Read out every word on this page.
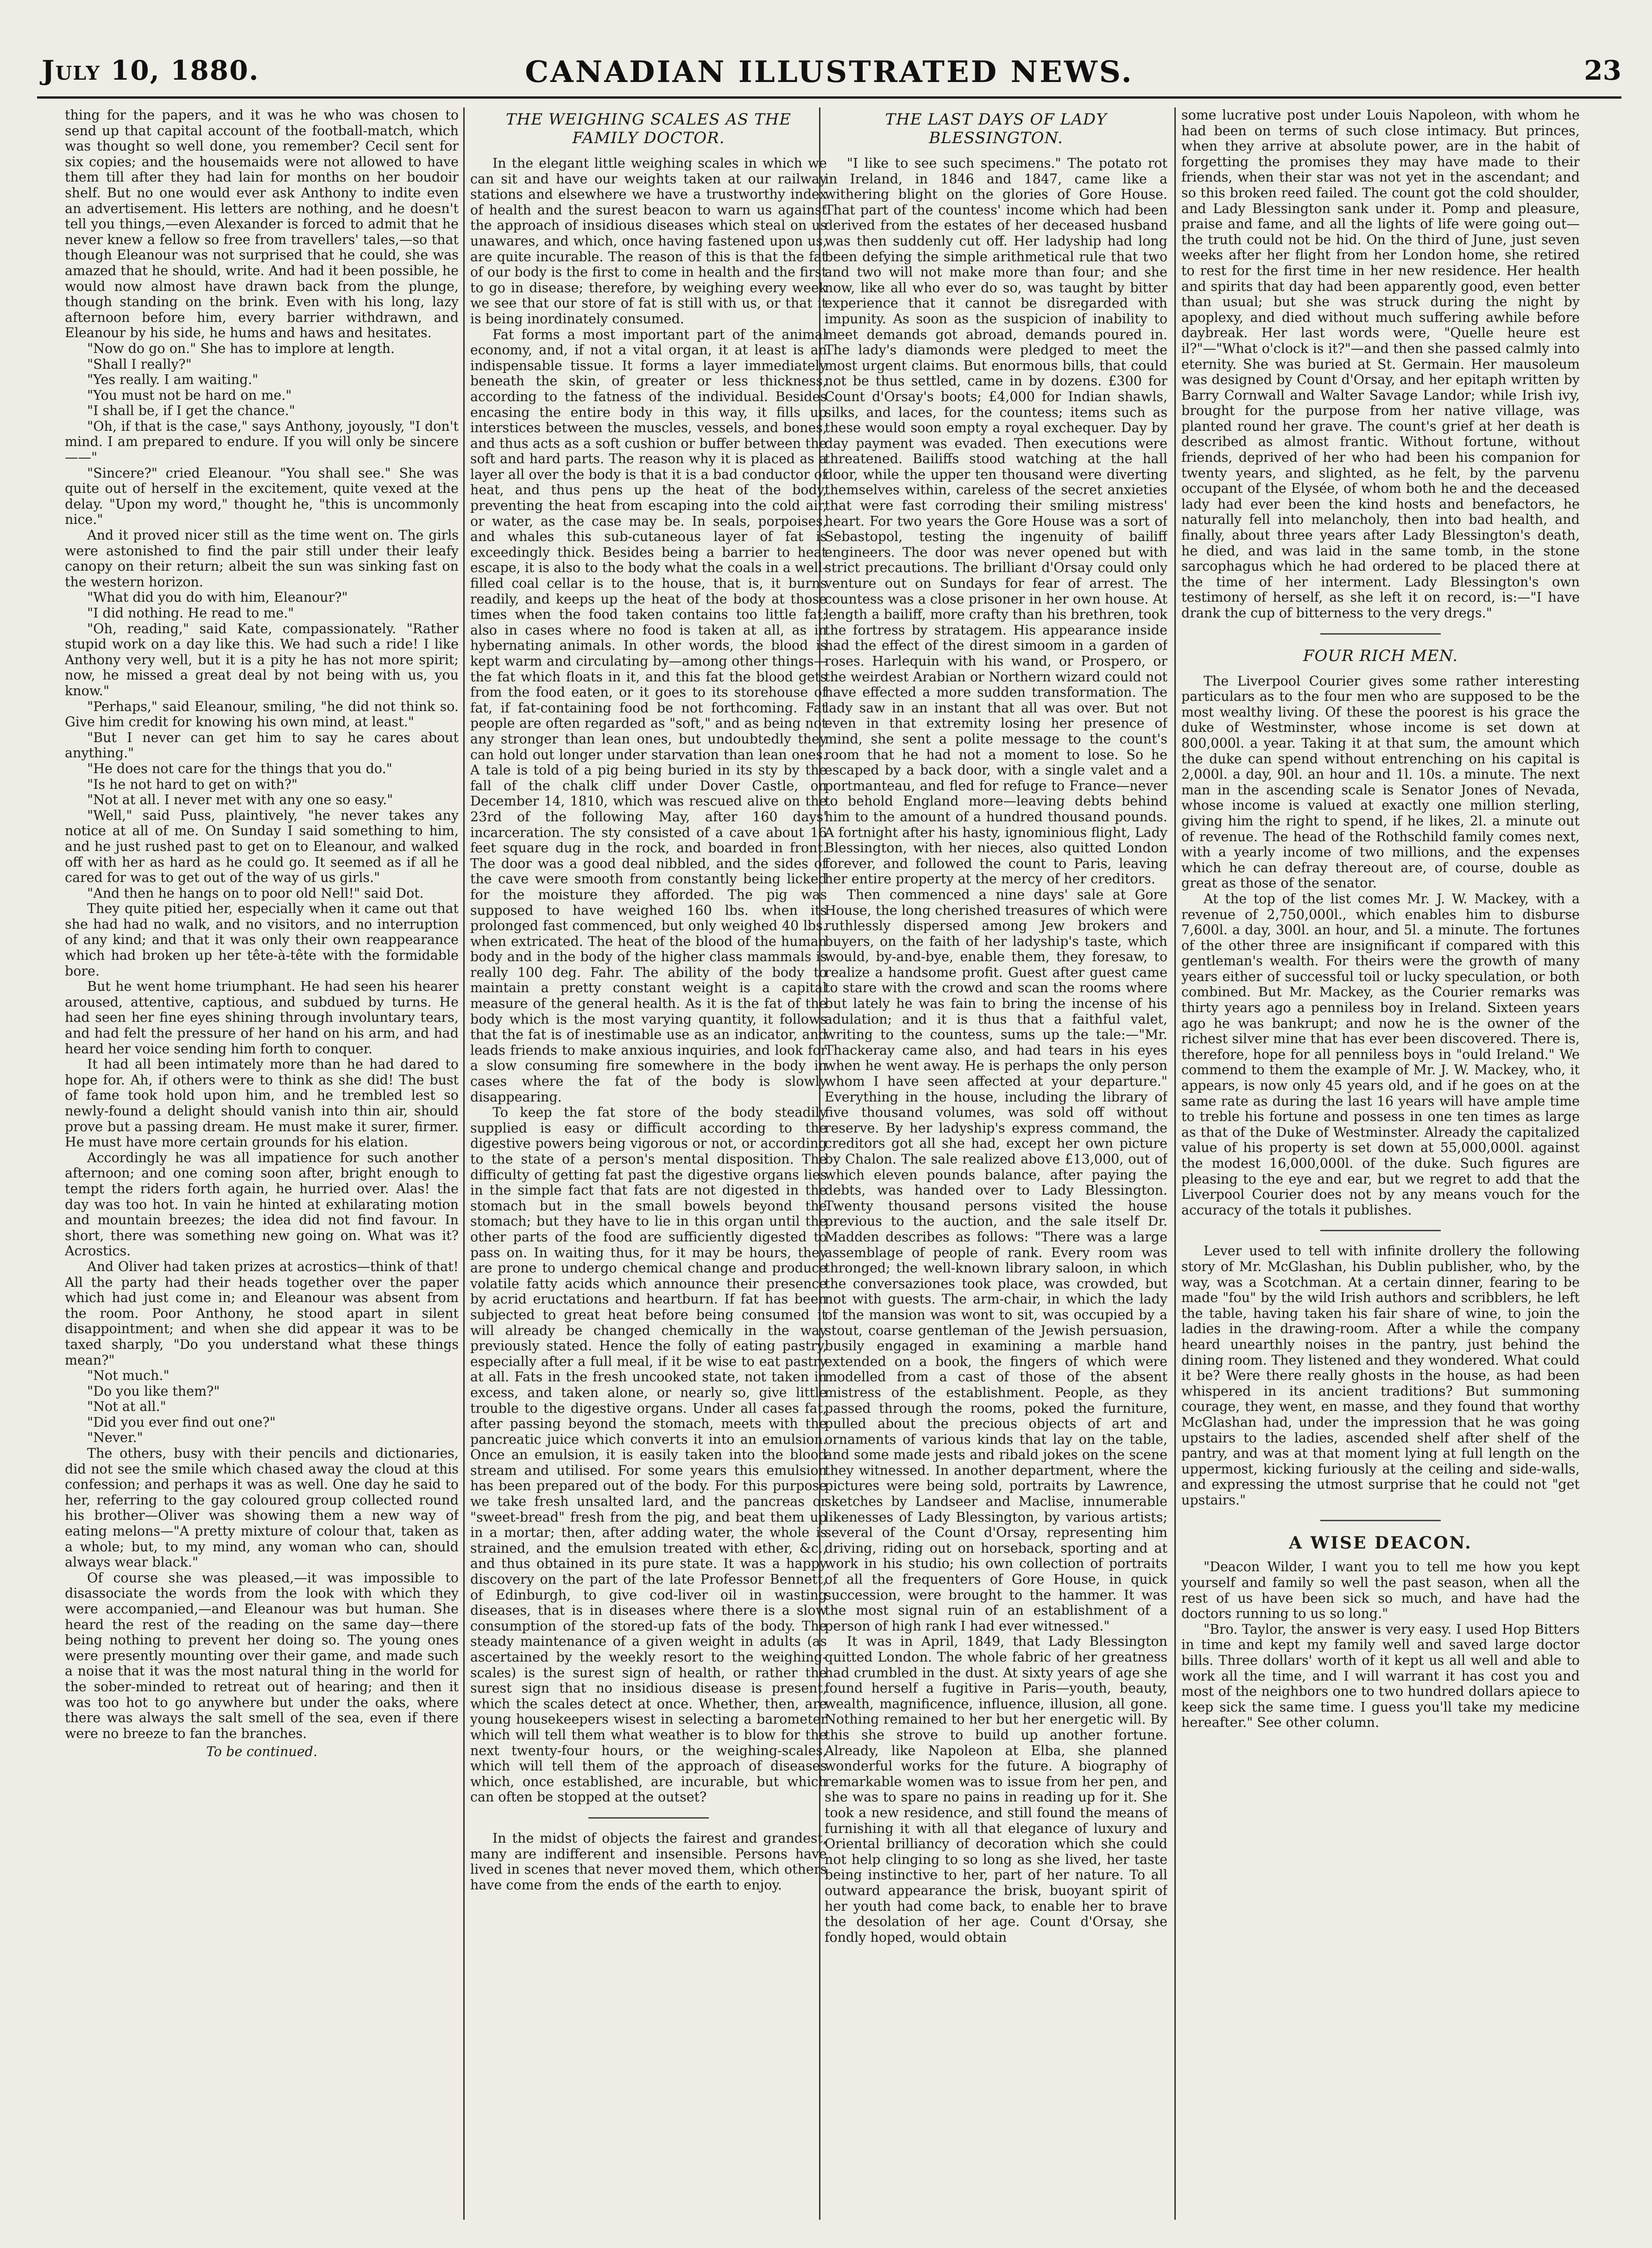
July 10, 1880.	CANADIAN ILLUSTRATED NEWS.	23

thing for the papers, and it was he who was chosen to send up that capital account of the football-match, which was thought so well done, you remember? Cecil sent for six copies; and the housemaids were not allowed to have them till after they had lain for months on her boudoir shelf. But no one would ever ask Anthony to indite even an advertisement. His letters are nothing, and he doesn't tell you things,—even Alexander is forced to admit that he never knew a fellow so free from travellers' tales,—so that though Eleanour was not surprised that he could, she was amazed that he should, write. And had it been possible, he would now almost have drawn back from the plunge, though standing on the brink. Even with his long, lazy afternoon before him, every barrier withdrawn, and Eleanour by his side, he hums and haws and hesitates.

"Now do go on." She has to implore at length.

"Shall I really?"

"Yes really. I am waiting."

"You must not be hard on me."

"I shall be, if I get the chance."

"Oh, if that is the case," says Anthony, joyously, "I don't mind. I am prepared to endure. If you will only be sincere——"

"Sincere?" cried Eleanour. "You shall see." She was quite out of herself in the excitement, quite vexed at the delay. "Upon my word," thought he, "this is uncommonly nice."

And it proved nicer still as the time went on. The girls were astonished to find the pair still under their leafy canopy on their return; albeit the sun was sinking fast on the western horizon.

"What did you do with him, Eleanour?"

"I did nothing. He read to me."

"Oh, reading," said Kate, compassionately. "Rather stupid work on a day like this. We had such a ride! I like Anthony very well, but it is a pity he has not more spirit; now, he missed a great deal by not being with us, you know."

"Perhaps," said Eleanour, smiling, "he did not think so. Give him credit for knowing his own mind, at least."

"But I never can get him to say he cares about anything."

"He does not care for the things that you do."

"Is he not hard to get on with?"

"Not at all. I never met with any one so easy."

"Well," said Puss, plaintively, "he never takes any notice at all of me. On Sunday I said something to him, and he just rushed past to get on to Eleanour, and walked off with her as hard as he could go. It seemed as if all he cared for was to get out of the way of us girls."

"And then he hangs on to poor old Nell!" said Dot.

They quite pitied her, especially when it came out that she had had no walk, and no visitors, and no interruption of any kind; and that it was only their own reappearance which had broken up her tête-à-tête with the formidable bore.

But he went home triumphant. He had seen his hearer aroused, attentive, captious, and subdued by turns. He had seen her fine eyes shining through involuntary tears, and had felt the pressure of her hand on his arm, and had heard her voice sending him forth to conquer.

It had all been intimately more than he had dared to hope for. Ah, if others were to think as she did! The bust of fame took hold upon him, and he trembled lest so newly-found a delight should vanish into thin air, should prove but a passing dream. He must make it surer, firmer. He must have more certain grounds for his elation.

Accordingly he was all impatience for such another afternoon; and one coming soon after, bright enough to tempt the riders forth again, he hurried over. Alas! the day was too hot. In vain he hinted at exhilarating motion and mountain breezes; the idea did not find favour. In short, there was something new going on. What was it? Acrostics.

And Oliver had taken prizes at acrostics—think of that! All the party had their heads together over the paper which had just come in; and Eleanour was absent from the room. Poor Anthony, he stood apart in silent disappointment; and when she did appear it was to be taxed sharply, "Do you understand what these things mean?"

"Not much."

"Do you like them?"

"Not at all."

"Did you ever find out one?"

"Never."

The others, busy with their pencils and dictionaries, did not see the smile which chased away the cloud at this confession; and perhaps it was as well. One day he said to her, referring to the gay coloured group collected round his brother—Oliver was showing them a new way of eating melons—"A pretty mixture of colour that, taken as a whole; but, to my mind, any woman who can, should always wear black."

Of course she was pleased,—it was impossible to disassociate the words from the look with which they were accompanied,—and Eleanour was but human. She heard the rest of the reading on the same day—there being nothing to prevent her doing so. The young ones were presently mounting over their game, and made such a noise that it was the most natural thing in the world for the sober-minded to retreat out of hearing; and then it was too hot to go anywhere but under the oaks, where there was always the salt smell of the sea, even if there were no breeze to fan the branches.

To be continued.
THE WEIGHING SCALES AS THE FAMILY DOCTOR.

In the elegant little weighing scales in which we can sit and have our weights taken at our railway stations and elsewhere we have a trustworthy index of health and the surest beacon to warn us against the approach of insidious diseases which steal on us unawares, and which, once having fastened upon us, are quite incurable. The reason of this is that the fat of our body is the first to come in health and the first to go in disease; therefore, by weighing every week we see that our store of fat is still with us, or that it is being inordinately consumed.

Fat forms a most important part of the animal economy, and, if not a vital organ, it at least is an indispensable tissue. It forms a layer immediately beneath the skin, of greater or less thickness, according to the fatness of the individual. Besides encasing the entire body in this way, it fills up interstices between the muscles, vessels, and bones, and thus acts as a soft cushion or buffer between the soft and hard parts. The reason why it is placed as a layer all over the body is that it is a bad conductor of heat, and thus pens up the heat of the body, preventing the heat from escaping into the cold air, or water, as the case may be. In seals, porpoises, and whales this sub-cutaneous layer of fat is exceedingly thick. Besides being a barrier to heat escape, it is also to the body what the coals in a well-filled coal cellar is to the house, that is, it burns readily, and keeps up the heat of the body at those times when the food taken contains too little fat; also in cases where no food is taken at all, as in hybernating animals. In other words, the blood is kept warm and circulating by—among other things—the fat which floats in it, and this fat the blood gets from the food eaten, or it goes to its storehouse of fat, if fat-containing food be not forthcoming. Fat people are often regarded as "soft," and as being not any stronger than lean ones, but undoubtedly they can hold out longer under starvation than lean ones. A tale is told of a pig being buried in its sty by the fall of the chalk cliff under Dover Castle, on December 14, 1810, which was rescued alive on the 23rd of the following May, after 160 days' incarceration. The sty consisted of a cave about 16 feet square dug in the rock, and boarded in front. The door was a good deal nibbled, and the sides of the cave were smooth from constantly being licked for the moisture they afforded. The pig was supposed to have weighed 160 lbs. when its prolonged fast commenced, but only weighed 40 lbs. when extricated. The heat of the blood of the human body and in the body of the higher class mammals is really 100 deg. Fahr. The ability of the body to maintain a pretty constant weight is a capital measure of the general health. As it is the fat of the body which is the most varying quantity, it follows that the fat is of inestimable use as an indicator, and leads friends to make anxious inquiries, and look for a slow consuming fire somewhere in the body in cases where the fat of the body is slowly disappearing.

To keep the fat store of the body steadily supplied is easy or difficult according to the digestive powers being vigorous or not, or according to the state of a person's mental disposition. The difficulty of getting fat past the digestive organs lies in the simple fact that fats are not digested in the stomach but in the small bowels beyond the stomach; but they have to lie in this organ until the other parts of the food are sufficiently digested to pass on. In waiting thus, for it may be hours, they are prone to undergo chemical change and produce volatile fatty acids which announce their presence by acrid eructations and heartburn. If fat has been subjected to great heat before being consumed it will already be changed chemically in the way previously stated. Hence the folly of eating pastry, especially after a full meal, if it be wise to eat pastry at all. Fats in the fresh uncooked state, not taken in excess, and taken alone, or nearly so, give little trouble to the digestive organs. Under all cases fat, after passing beyond the stomach, meets with the pancreatic juice which converts it into an emulsion. Once an emulsion, it is easily taken into the blood stream and utilised. For some years this emulsion has been prepared out of the body. For this purpose we take fresh unsalted lard, and the pancreas or "sweet-bread" fresh from the pig, and beat them up in a mortar; then, after adding water, the whole is strained, and the emulsion treated with ether, &c., and thus obtained in its pure state. It was a happy discovery on the part of the late Professor Bennett, of Edinburgh, to give cod-liver oil in wasting diseases, that is in diseases where there is a slow consumption of the stored-up fats of the body. The steady maintenance of a given weight in adults (as ascertained by the weekly resort to the weighing-scales) is the surest sign of health, or rather the surest sign that no insidious disease is present, which the scales detect at once. Whether, then, are young housekeepers wisest in selecting a barometer which will tell them what weather is to blow for the next twenty-four hours, or the weighing-scales, which will tell them of the approach of diseases which, once established, are incurable, but which can often be stopped at the outset?

In the midst of objects the fairest and grandest, many are indifferent and insensible. Persons have lived in scenes that never moved them, which others have come from the ends of the earth to enjoy.

THE LAST DAYS OF LADY BLESSINGTON.

"I like to see such specimens." The potato rot in Ireland, in 1846 and 1847, came like a withering blight on the glories of Gore House. That part of the countess' income which had been derived from the estates of her deceased husband was then suddenly cut off. Her ladyship had long been defying the simple arithmetical rule that two and two will not make more than four; and she now, like all who ever do so, was taught by bitter experience that it cannot be disregarded with impunity. As soon as the suspicion of inability to meet demands got abroad, demands poured in. The lady's diamonds were pledged to meet the most urgent claims. But enormous bills, that could not be thus settled, came in by dozens. £300 for Count d'Orsay's boots; £4,000 for Indian shawls, silks, and laces, for the countess; items such as these would soon empty a royal exchequer. Day by day payment was evaded. Then executions were threatened. Bailiffs stood watching at the hall door, while the upper ten thousand were diverting themselves within, careless of the secret anxieties that were fast corroding their smiling mistress' heart. For two years the Gore House was a sort of Sebastopol, testing the ingenuity of bailiff engineers. The door was never opened but with strict precautions. The brilliant d'Orsay could only venture out on Sundays for fear of arrest. The countess was a close prisoner in her own house. At length a bailiff, more crafty than his brethren, took the fortress by stratagem. His appearance inside had the effect of the direst simoom in a garden of roses. Harlequin with his wand, or Prospero, or the weirdest Arabian or Northern wizard could not have effected a more sudden transformation. The lady saw in an instant that all was over. But not even in that extremity losing her presence of mind, she sent a polite message to the count's room that he had not a moment to lose. So he escaped by a back door, with a single valet and a portmanteau, and fled for refuge to France—never to behold England more—leaving debts behind him to the amount of a hundred thousand pounds. A fortnight after his hasty, ignominious flight, Lady Blessington, with her nieces, also quitted London forever, and followed the count to Paris, leaving her entire property at the mercy of her creditors.

Then commenced a nine days' sale at Gore House, the long cherished treasures of which were ruthlessly dispersed among Jew brokers and buyers, on the faith of her ladyship's taste, which would, by-and-bye, enable them, they foresaw, to realize a handsome profit. Guest after guest came to stare with the crowd and scan the rooms where but lately he was fain to bring the incense of his adulation; and it is thus that a faithful valet, writing to the countess, sums up the tale:—"Mr. Thackeray came also, and had tears in his eyes when he went away. He is perhaps the only person whom I have seen affected at your departure." Everything in the house, including the library of five thousand volumes, was sold off without reserve. By her ladyship's express command, the creditors got all she had, except her own picture by Chalon. The sale realized above £13,000, out of which eleven pounds balance, after paying the debts, was handed over to Lady Blessington. Twenty thousand persons visited the house previous to the auction, and the sale itself Dr. Madden describes as follows: "There was a large assemblage of people of rank. Every room was thronged; the well-known library saloon, in which the conversaziones took place, was crowded, but not with guests. The arm-chair, in which the lady of the mansion was wont to sit, was occupied by a stout, coarse gentleman of the Jewish persuasion, busily engaged in examining a marble hand extended on a book, the fingers of which were modelled from a cast of those of the absent mistress of the establishment. People, as they passed through the rooms, poked the furniture, pulled about the precious objects of art and ornaments of various kinds that lay on the table, and some made jests and ribald jokes on the scene they witnessed. In another department, where the pictures were being sold, portraits by Lawrence, sketches by Landseer and Maclise, innumerable likenesses of Lady Blessington, by various artists; several of the Count d'Orsay, representing him driving, riding out on horseback, sporting and at work in his studio; his own collection of portraits of all the frequenters of Gore House, in quick succession, were brought to the hammer. It was the most signal ruin of an establishment of a person of high rank I had ever witnessed."

It was in April, 1849, that Lady Blessington quitted London. The whole fabric of her greatness had crumbled in the dust. At sixty years of age she found herself a fugitive in Paris—youth, beauty, wealth, magnificence, influence, illusion, all gone. Nothing remained to her but her energetic will. By this she strove to build up another fortune. Already, like Napoleon at Elba, she planned wonderful works for the future. A biography of remarkable women was to issue from her pen, and she was to spare no pains in reading up for it. She took a new residence, and still found the means of furnishing it with all that elegance of luxury and Oriental brilliancy of decoration which she could not help clinging to so long as she lived, her taste being instinctive to her, part of her nature. To all outward appearance the brisk, buoyant spirit of her youth had come back, to enable her to brave the desolation of her age. Count d'Orsay, she fondly hoped, would obtain

some lucrative post under Louis Napoleon, with whom he had been on terms of such close intimacy. But princes, when they arrive at absolute power, are in the habit of forgetting the promises they may have made to their friends, when their star was not yet in the ascendant; and so this broken reed failed. The count got the cold shoulder, and Lady Blessington sank under it. Pomp and pleasure, praise and fame, and all the lights of life were going out—the truth could not be hid. On the third of June, just seven weeks after her flight from her London home, she retired to rest for the first time in her new residence. Her health and spirits that day had been apparently good, even better than usual; but she was struck during the night by apoplexy, and died without much suffering awhile before daybreak. Her last words were, "Quelle heure est il?"—"What o'clock is it?"—and then she passed calmly into eternity. She was buried at St. Germain. Her mausoleum was designed by Count d'Orsay, and her epitaph written by Barry Cornwall and Walter Savage Landor; while Irish ivy, brought for the purpose from her native village, was planted round her grave. The count's grief at her death is described as almost frantic. Without fortune, without friends, deprived of her who had been his companion for twenty years, and slighted, as he felt, by the parvenu occupant of the Elysée, of whom both he and the deceased lady had ever been the kind hosts and benefactors, he naturally fell into melancholy, then into bad health, and finally, about three years after Lady Blessington's death, he died, and was laid in the same tomb, in the stone sarcophagus which he had ordered to be placed there at the time of her interment. Lady Blessington's own testimony of herself, as she left it on record, is:—"I have drank the cup of bitterness to the very dregs."

FOUR RICH MEN.

The Liverpool Courier gives some rather interesting particulars as to the four men who are supposed to be the most wealthy living. Of these the poorest is his grace the duke of Westminster, whose income is set down at 800,000l. a year. Taking it at that sum, the amount which the duke can spend without entrenching on his capital is 2,000l. a day, 90l. an hour and 1l. 10s. a minute. The next man in the ascending scale is Senator Jones of Nevada, whose income is valued at exactly one million sterling, giving him the right to spend, if he likes, 2l. a minute out of revenue. The head of the Rothschild family comes next, with a yearly income of two millions, and the expenses which he can defray thereout are, of course, double as great as those of the senator.

At the top of the list comes Mr. J. W. Mackey, with a revenue of 2,750,000l., which enables him to disburse 7,600l. a day, 300l. an hour, and 5l. a minute. The fortunes of the other three are insignificant if compared with this gentleman's wealth. For theirs were the growth of many years either of successful toil or lucky speculation, or both combined. But Mr. Mackey, as the Courier remarks was thirty years ago a penniless boy in Ireland. Sixteen years ago he was bankrupt; and now he is the owner of the richest silver mine that has ever been discovered. There is, therefore, hope for all penniless boys in "ould Ireland." We commend to them the example of Mr. J. W. Mackey, who, it appears, is now only 45 years old, and if he goes on at the same rate as during the last 16 years will have ample time to treble his fortune and possess in one ten times as large as that of the Duke of Westminster. Already the capitalized value of his property is set down at 55,000,000l. against the modest 16,000,000l. of the duke. Such figures are pleasing to the eye and ear, but we regret to add that the Liverpool Courier does not by any means vouch for the accuracy of the totals it publishes.

Lever used to tell with infinite drollery the following story of Mr. McGlashan, his Dublin publisher, who, by the way, was a Scotchman. At a certain dinner, fearing to be made "fou" by the wild Irish authors and scribblers, he left the table, having taken his fair share of wine, to join the ladies in the drawing-room. After a while the company heard unearthly noises in the pantry, just behind the dining room. They listened and they wondered. What could it be? Were there really ghosts in the house, as had been whispered in its ancient traditions? But summoning courage, they went, en masse, and they found that worthy McGlashan had, under the impression that he was going upstairs to the ladies, ascended shelf after shelf of the pantry, and was at that moment lying at full length on the uppermost, kicking furiously at the ceiling and side-walls, and expressing the utmost surprise that he could not "get upstairs."

A WISE DEACON.

"Deacon Wilder, I want you to tell me how you kept yourself and family so well the past season, when all the rest of us have been sick so much, and have had the doctors running to us so long."

"Bro. Taylor, the answer is very easy. I used Hop Bitters in time and kept my family well and saved large doctor bills. Three dollars' worth of it kept us all well and able to work all the time, and I will warrant it has cost you and most of the neighbors one to two hundred dollars apiece to keep sick the same time. I guess you'll take my medicine hereafter." See other column.
